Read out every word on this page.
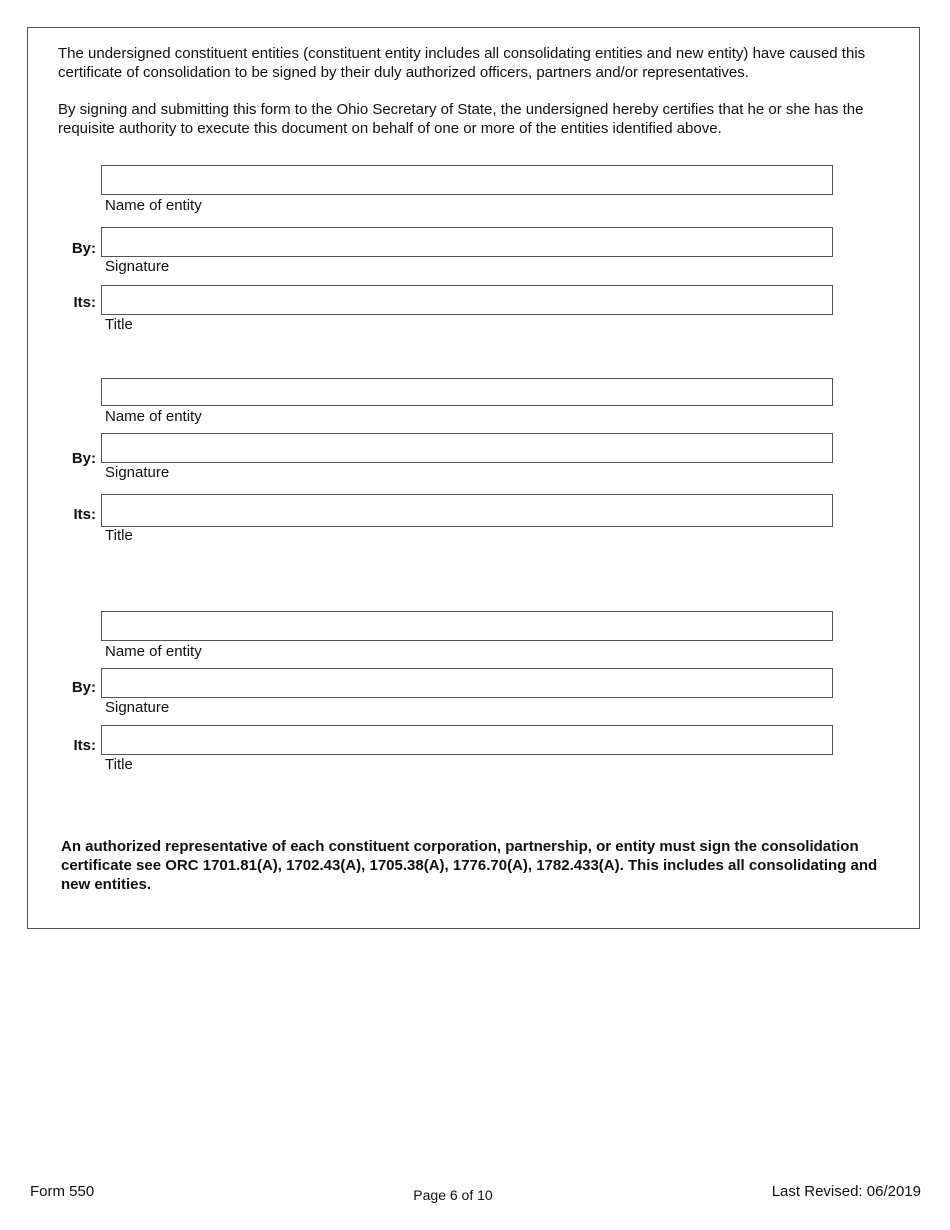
The undersigned constituent entities (constituent entity includes all consolidating entities and new entity) have caused this certificate of consolidation to be signed by their duly authorized officers, partners and/or representatives.

By signing and submitting this form to the Ohio Secretary of State, the undersigned hereby certifies that he or she has the requisite authority to execute this document on behalf of one or more of the entities identified above.

Name of entity
By:
Signature
Its:
Title
Name of entity
By:
Signature
Its:
Title
Name of entity
By:
Signature
Its:
Title

An authorized representative of each constituent corporation, partnership, or entity must sign the consolidation certificate see ORC 1701.81(A), 1702.43(A), 1705.38(A), 1776.70(A), 1782.433(A). This includes all consolidating and new entities.

Form 550	Page 6 of 10	Last Revised: 06/2019
